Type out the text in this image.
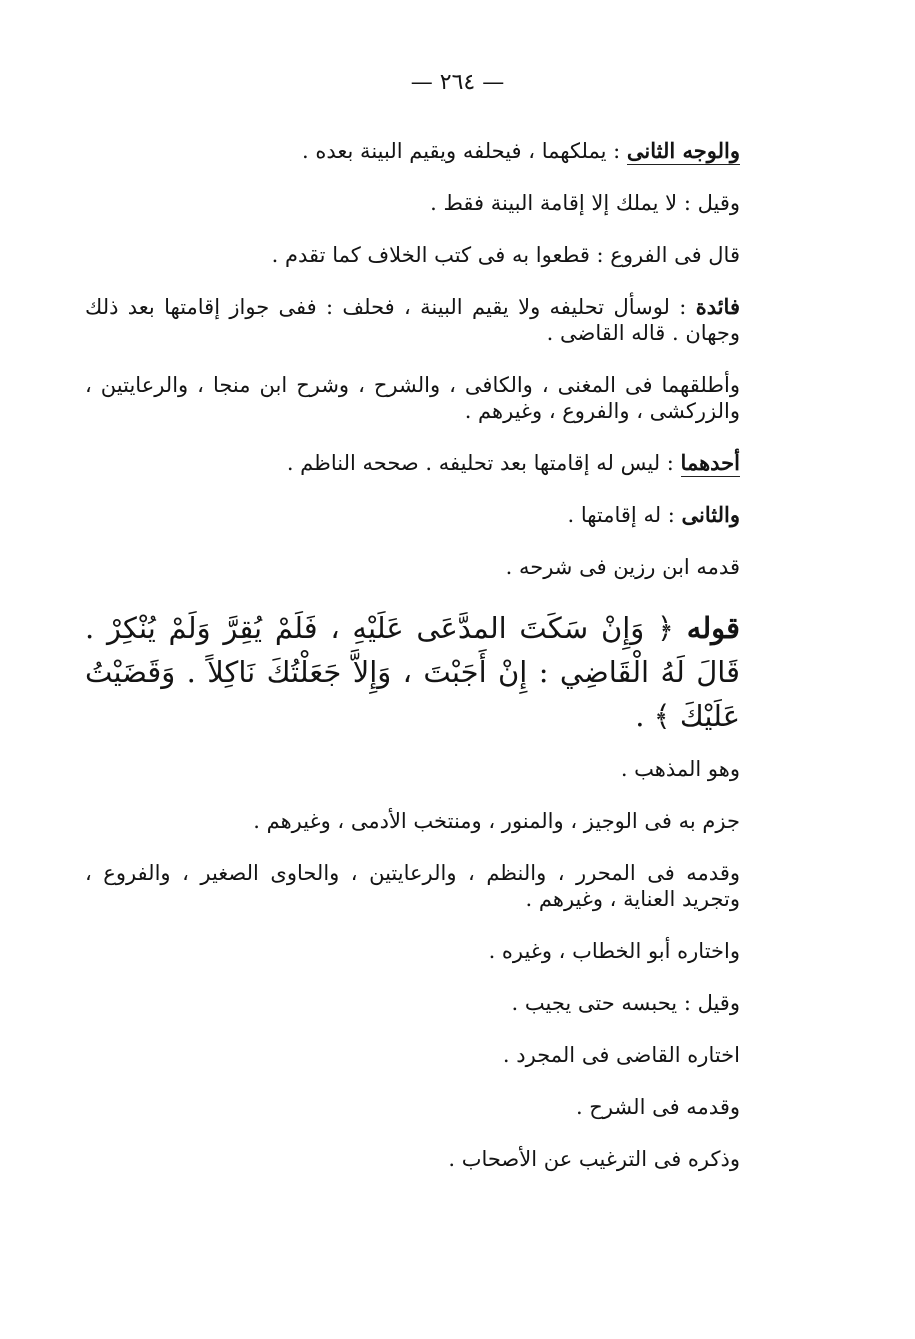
— ٢٦٤ —

والوجه الثانى : يملكهما ، فيحلفه ويقيم البينة بعده .

وقيل : لا يملك إلا إقامة البينة فقط .

قال فى الفروع : قطعوا به فى كتب الخلاف كما تقدم .

فائدة : لوسأل تحليفه ولا يقيم البينة ، فحلف : ففى جواز إقامتها بعد ذلك وجهان . قاله القاضى .

وأطلقهما فى المغنى ، والكافى ، والشرح ، وشرح ابن منجا ، والرعايتين ، والزركشى ، والفروع ، وغيرهم .

أحدهما : ليس له إقامتها بعد تحليفه . صححه الناظم .

والثانى : له إقامتها .

قدمه ابن رزين فى شرحه .

قوله ﴿ وَإِنْ سَكَتَ المدَّعَى عَلَيْهِ ، فَلَمْ يُقِرَّ وَلَمْ يُنْكِرْ . قَالَ لَهُ الْقَاضِي : إِنْ أَجَبْتَ ، وَإِلاَّ جَعَلْتُكَ نَاكِلاً . وَقَضَيْتُ عَلَيْكَ ﴾ .

وهو المذهب .

جزم به فى الوجيز ، والمنور ، ومنتخب الأدمى ، وغيرهم .

وقدمه فى المحرر ، والنظم ، والرعايتين ، والحاوى الصغير ، والفروع ، وتجريد العناية ، وغيرهم .

واختاره أبو الخطاب ، وغيره .

وقيل : يحبسه حتى يجيب .

اختاره القاضى فى المجرد .

وقدمه فى الشرح .

وذكره فى الترغيب عن الأصحاب .
